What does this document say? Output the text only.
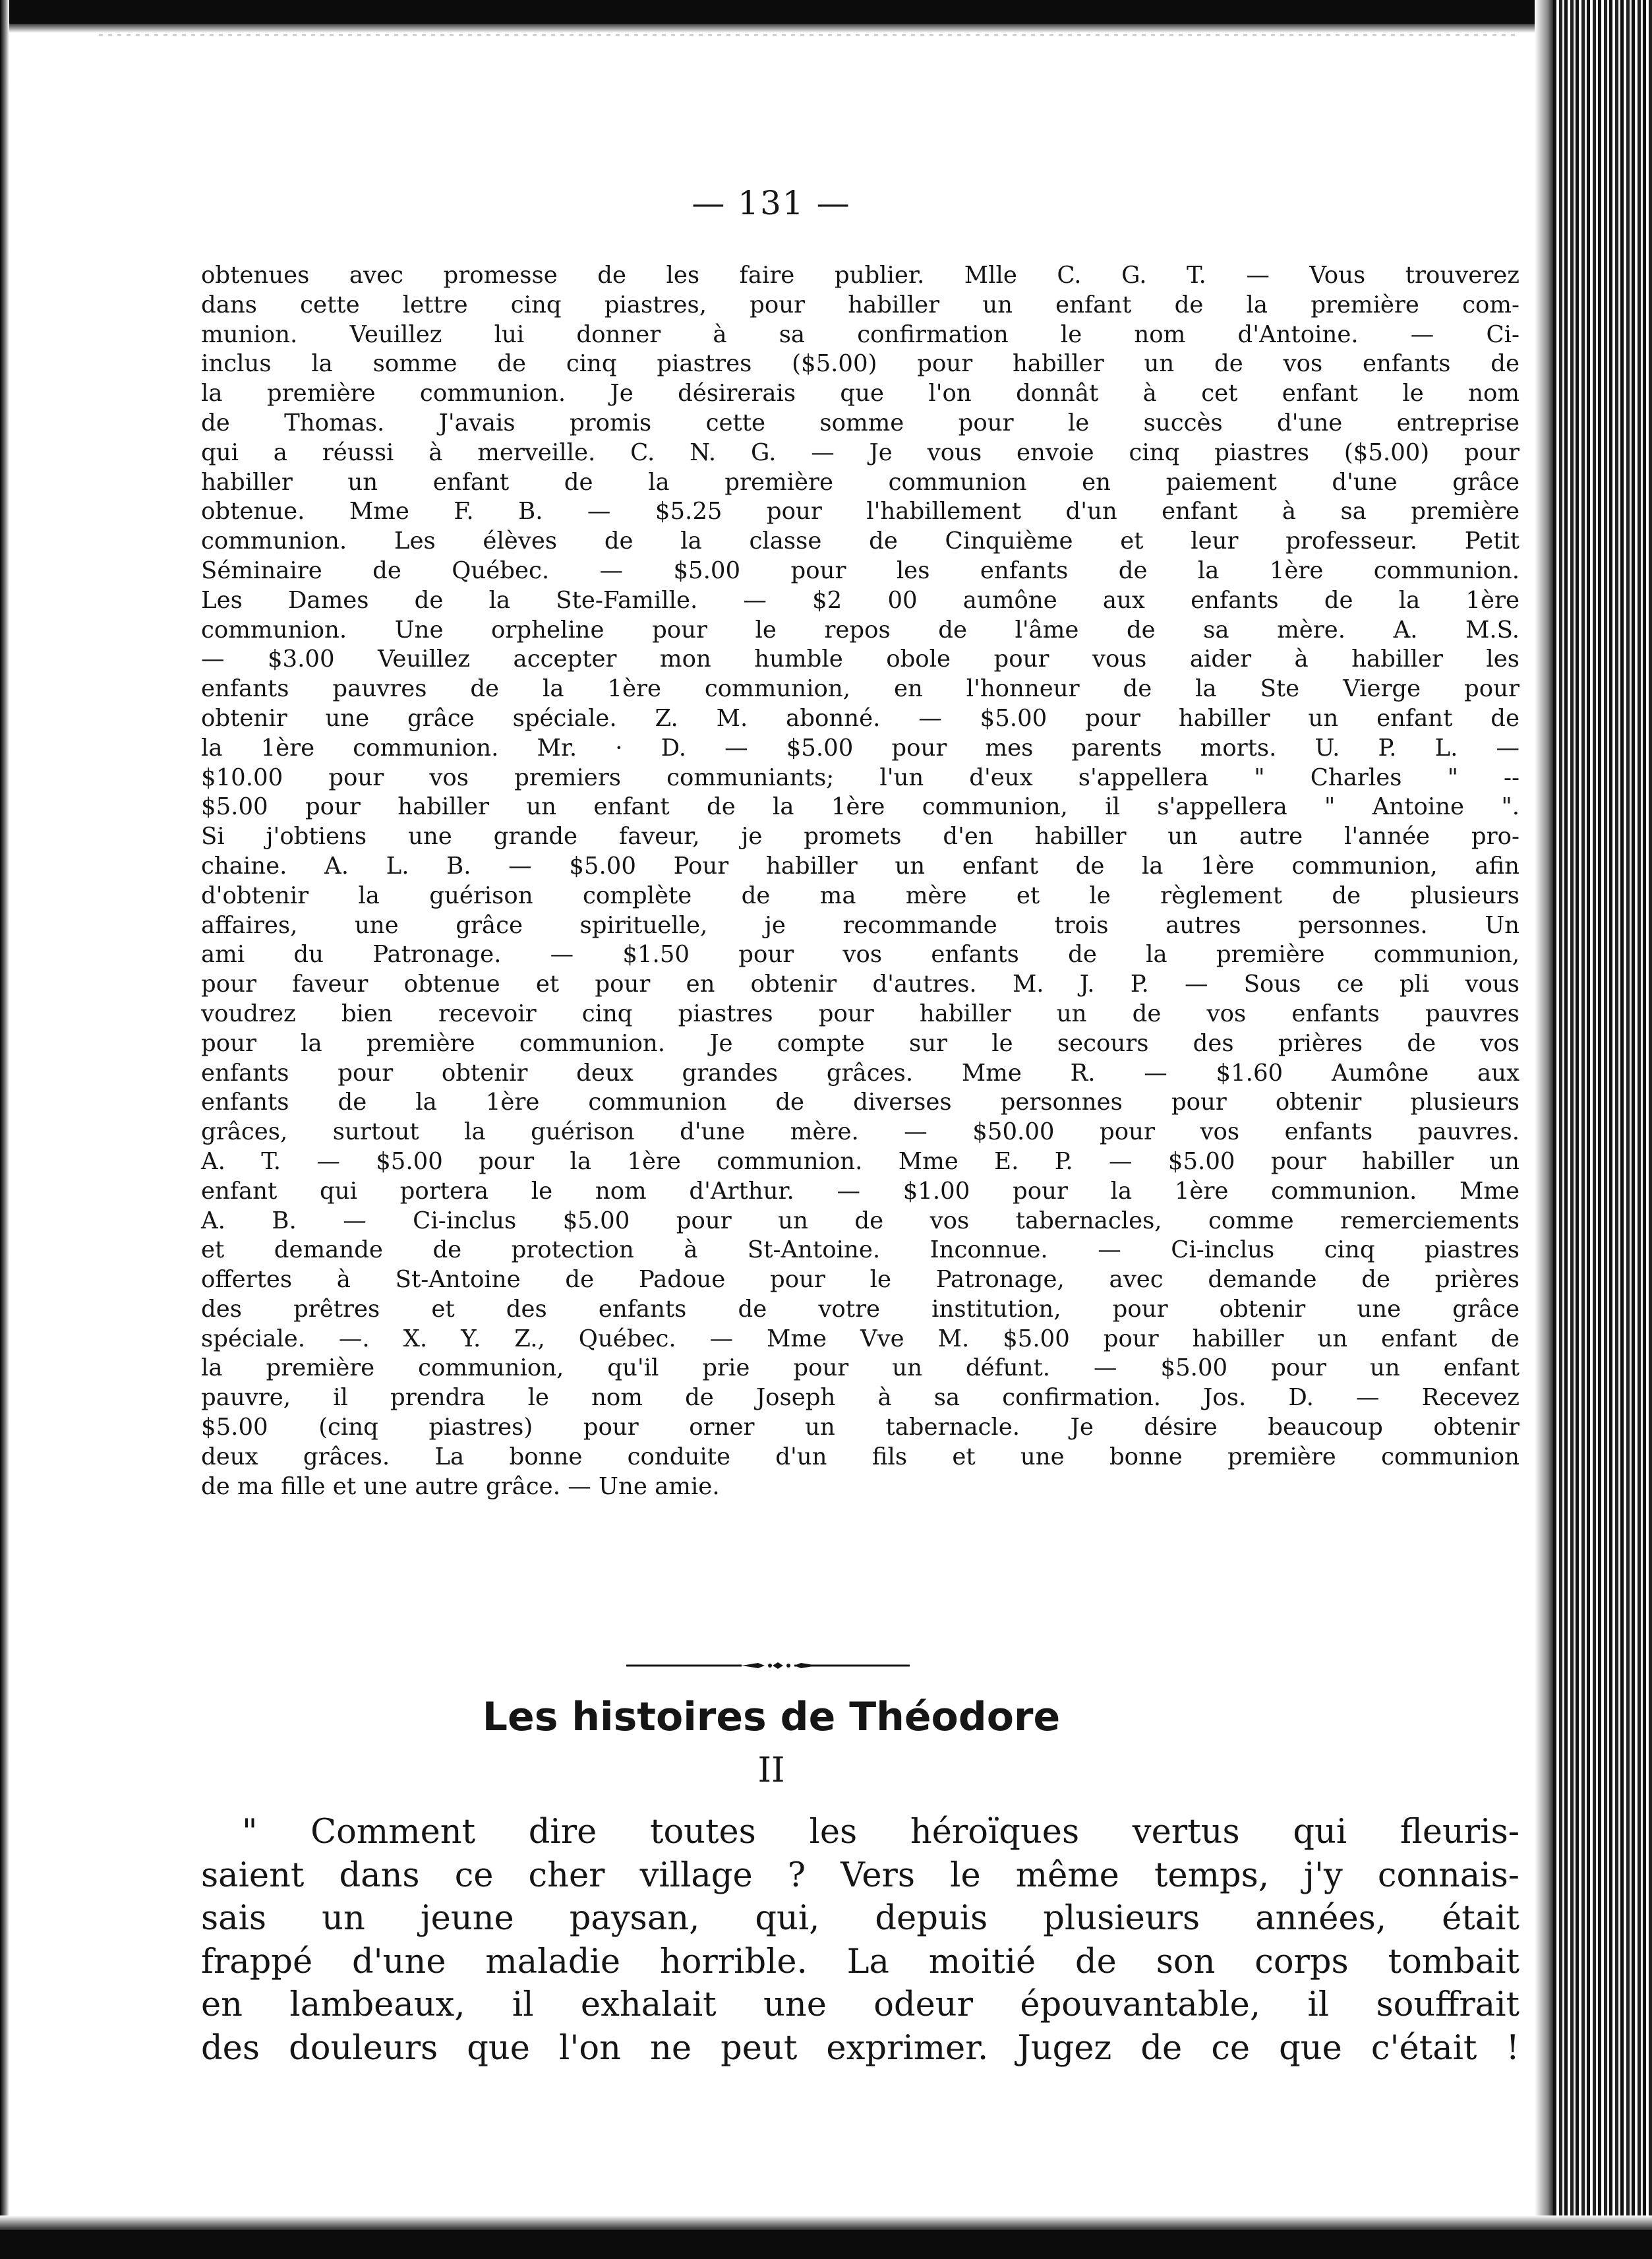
— 131 —
obtenues avec promesse de les faire publier. Mlle C. G. T. — Vous trouverez
dans cette lettre cinq piastres, pour habiller un enfant de la première com-
munion. Veuillez lui donner à sa confirmation le nom d'Antoine. — Ci-
inclus la somme de cinq piastres ($5.00) pour habiller un de vos enfants de
la première communion. Je désirerais que l'on donnât à cet enfant le nom
de Thomas. J'avais promis cette somme pour le succès d'une entreprise
qui a réussi à merveille. C. N. G. — Je vous envoie cinq piastres ($5.00) pour
habiller un enfant de la première communion en paiement d'une grâce
obtenue. Mme F. B. — $5.25 pour l'habillement d'un enfant à sa première
communion. Les élèves de la classe de Cinquième et leur professeur. Petit
Séminaire de Québec. — $5.00 pour les enfants de la 1ère communion.
Les Dames de la Ste-Famille. — $2 00 aumône aux enfants de la 1ère
communion. Une orpheline pour le repos de l'âme de sa mère. A. M.S.
— $3.00 Veuillez accepter mon humble obole pour vous aider à habiller les
enfants pauvres de la 1ère communion, en l'honneur de la Ste Vierge pour
obtenir une grâce spéciale. Z. M. abonné. — $5.00 pour habiller un enfant de
la 1ère communion. Mr. · D. — $5.00 pour mes parents morts. U. P. L. —
$10.00 pour vos premiers communiants; l'un d'eux s'appellera " Charles " --
$5.00 pour habiller un enfant de la 1ère communion, il s'appellera " Antoine ".
Si j'obtiens une grande faveur, je promets d'en habiller un autre l'année pro-
chaine. A. L. B. — $5.00 Pour habiller un enfant de la 1ère communion, afin
d'obtenir la guérison complète de ma mère et le règlement de plusieurs
affaires, une grâce spirituelle, je recommande trois autres personnes. Un
ami du Patronage. — $1.50 pour vos enfants de la première communion,
pour faveur obtenue et pour en obtenir d'autres. M. J. P. — Sous ce pli vous
voudrez bien recevoir cinq piastres pour habiller un de vos enfants pauvres
pour la première communion. Je compte sur le secours des prières de vos
enfants pour obtenir deux grandes grâces. Mme R. — $1.60 Aumône aux
enfants de la 1ère communion de diverses personnes pour obtenir plusieurs
grâces, surtout la guérison d'une mère. — $50.00 pour vos enfants pauvres.
A. T. — $5.00 pour la 1ère communion. Mme E. P. — $5.00 pour habiller un
enfant qui portera le nom d'Arthur. — $1.00 pour la 1ère communion. Mme
A. B. — Ci-inclus $5.00 pour un de vos tabernacles, comme remerciements
et demande de protection à St-Antoine. Inconnue. — Ci-inclus cinq piastres
offertes à St-Antoine de Padoue pour le Patronage, avec demande de prières
des prêtres et des enfants de votre institution, pour obtenir une grâce
spéciale. —. X. Y. Z., Québec. — Mme Vve M. $5.00 pour habiller un enfant de
la première communion, qu'il prie pour un défunt. — $5.00 pour un enfant
pauvre, il prendra le nom de Joseph à sa confirmation. Jos. D. — Recevez
$5.00 (cinq piastres) pour orner un tabernacle. Je désire beaucoup obtenir
deux grâces. La bonne conduite d'un fils et une bonne première communion
de ma fille et une autre grâce. — Une amie.
Les histoires de Théodore
II
" Comment dire toutes les héroïques vertus qui fleuris-
saient dans ce cher village ? Vers le même temps, j'y connais-
sais un jeune paysan, qui, depuis plusieurs années, était
frappé d'une maladie horrible. La moitié de son corps tombait
en lambeaux, il exhalait une odeur épouvantable, il souffrait
des douleurs que l'on ne peut exprimer. Jugez de ce que c'était !
